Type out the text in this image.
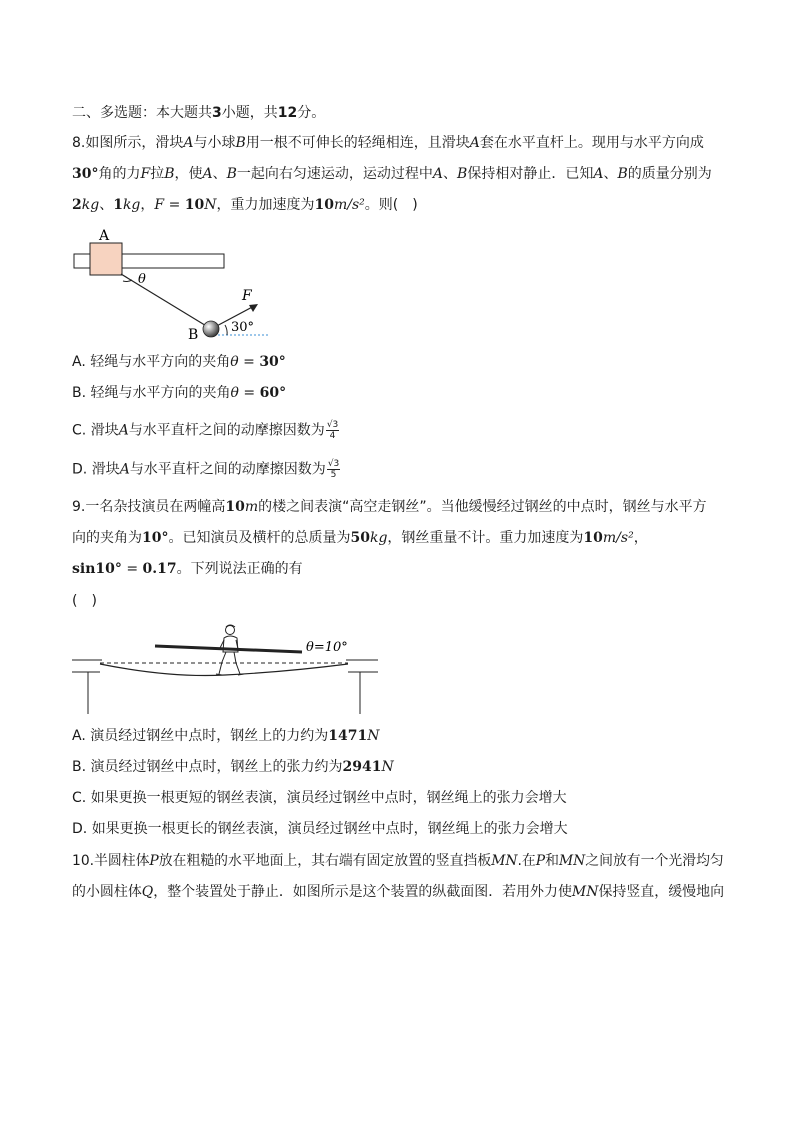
二、多选题：本大题共3小题，共12分。
8.如图所示，滑块A与小球B用一根不可伸长的轻绳相连，且滑块A套在水平直杆上。现用与水平方向成
30°角的力F拉B，使A、B一起向右匀速运动，运动过程中A、B保持相对静止．已知A、B的质量分别为
2kg、1kg，F = 10N，重力加速度为10m/s²。则(　)
A
θ
F
30°
B
A. 轻绳与水平方向的夹角θ = 30°
B. 轻绳与水平方向的夹角θ = 60°
C. 滑块A与水平直杆之间的动摩擦因数为 $\frac{√3}{4}$
D. 滑块A与水平直杆之间的动摩擦因数为 $\frac{√3}{5}$
9.一名杂技演员在两幢高10m的楼之间表演“高空走钢丝”。当他缓慢经过钢丝的中点时，钢丝与水平方
向的夹角为10°。已知演员及横杆的总质量为50kg，钢丝重量不计。重力加速度为10m/s²，
sin10° = 0.17。下列说法正确的有
(　)
θ=10°
A. 演员经过钢丝中点时，钢丝上的力约为1471N
B. 演员经过钢丝中点时，钢丝上的张力约为2941N
C. 如果更换一根更短的钢丝表演，演员经过钢丝中点时，钢丝绳上的张力会增大
D. 如果更换一根更长的钢丝表演，演员经过钢丝中点时，钢丝绳上的张力会增大
10.半圆柱体P放在粗糙的水平地面上，其右端有固定放置的竖直挡板MN.在P和MN之间放有一个光滑均匀
的小圆柱体Q，整个装置处于静止．如图所示是这个装置的纵截面图．若用外力使MN保持竖直，缓慢地向
